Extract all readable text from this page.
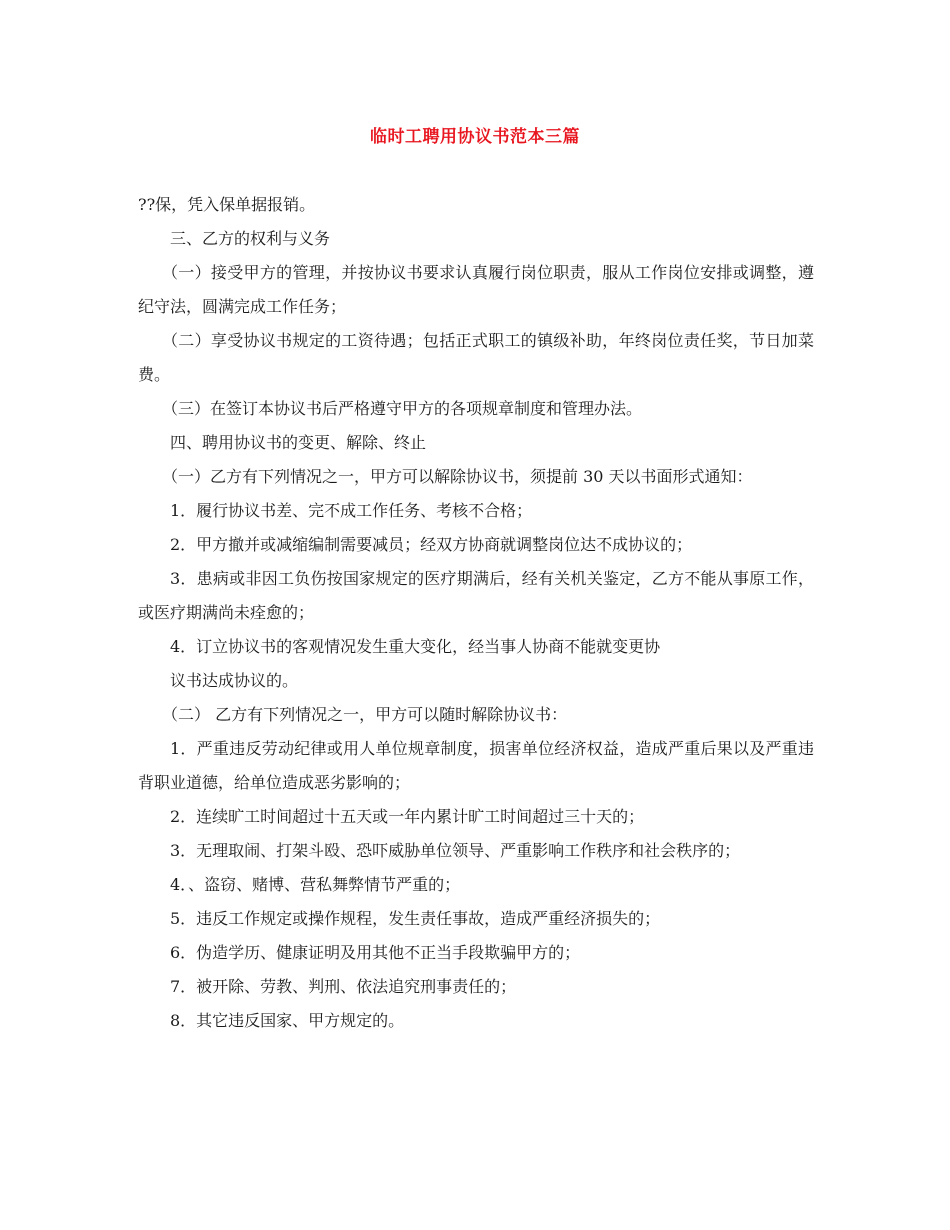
临时工聘用协议书范本三篇

??保，凭入保单据报销。

三、乙方的权利与义务

（一）接受甲方的管理，并按协议书要求认真履行岗位职责，服从工作岗位安排或调整，遵纪守法，圆满完成工作任务；

（二）享受协议书规定的工资待遇；包括正式职工的镇级补助，年终岗位责任奖，节日加菜费。

（三）在签订本协议书后严格遵守甲方的各项规章制度和管理办法。

四、聘用协议书的变更、解除、终止

（一）乙方有下列情况之一，甲方可以解除协议书，须提前 30 天以书面形式通知：

1．履行协议书差、完不成工作任务、考核不合格；

2．甲方撤并或减缩编制需要减员；经双方协商就调整岗位达不成协议的；

3．患病或非因工负伤按国家规定的医疗期满后，经有关机关鉴定，乙方不能从事原工作，或医疗期满尚未痊愈的；

4．订立协议书的客观情况发生重大变化，经当事人协商不能就变更协

议书达成协议的。

（二） 乙方有下列情况之一，甲方可以随时解除协议书：

1．严重违反劳动纪律或用人单位规章制度，损害单位经济权益，造成严重后果以及严重违背职业道德，给单位造成恶劣影响的；

2．连续旷工时间超过十五天或一年内累计旷工时间超过三十天的；

3．无理取闹、打架斗殴、恐吓威胁单位领导、严重影响工作秩序和社会秩序的；

4．、盗窃、赌博、营私舞弊情节严重的；

5．违反工作规定或操作规程，发生责任事故，造成严重经济损失的；

6．伪造学历、健康证明及用其他不正当手段欺骗甲方的；

7．被开除、劳教、判刑、依法追究刑事责任的；

8．其它违反国家、甲方规定的。
